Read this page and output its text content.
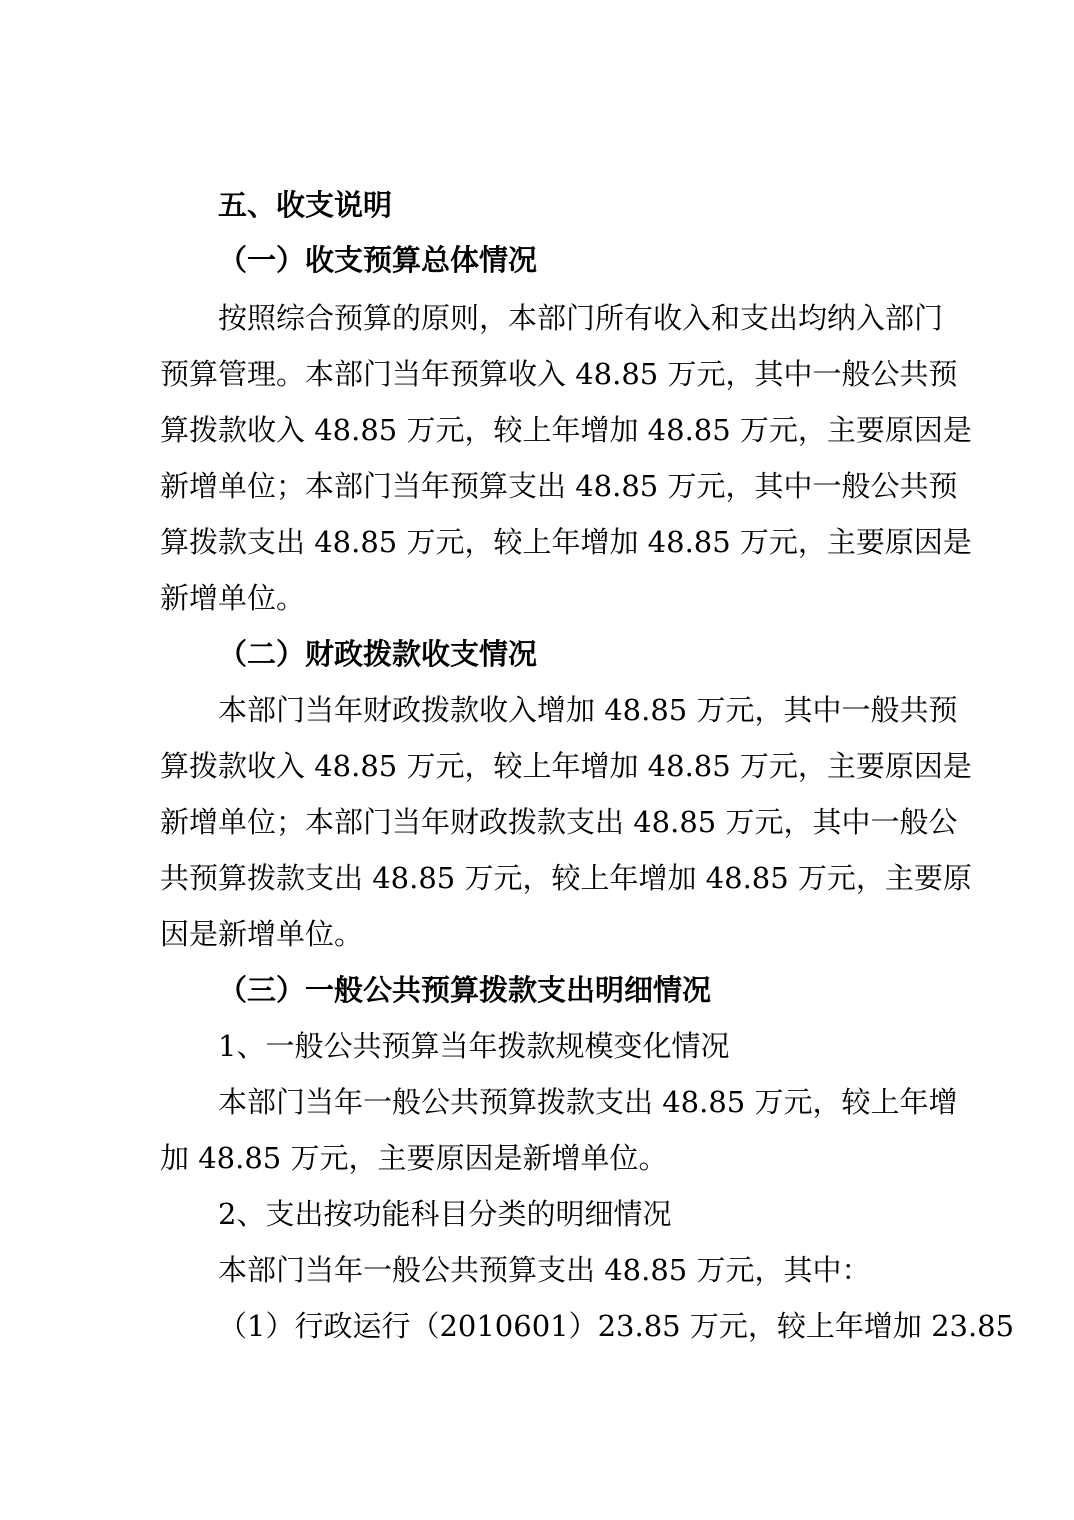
五、收支说明
（一）收支预算总体情况
按照综合预算的原则，本部门所有收入和支出均纳入部门
预算管理。本部门当年预算收入 48.85 万元，其中一般公共预
算拨款收入 48.85 万元，较上年增加 48.85 万元，主要原因是
新增单位；本部门当年预算支出 48.85 万元，其中一般公共预
算拨款支出 48.85 万元，较上年增加 48.85 万元，主要原因是
新增单位。
（二）财政拨款收支情况
本部门当年财政拨款收入增加 48.85 万元，其中一般共预
算拨款收入 48.85 万元，较上年增加 48.85 万元，主要原因是
新增单位；本部门当年财政拨款支出 48.85 万元，其中一般公
共预算拨款支出 48.85 万元，较上年增加 48.85 万元，主要原
因是新增单位。
（三）一般公共预算拨款支出明细情况
1、一般公共预算当年拨款规模变化情况
本部门当年一般公共预算拨款支出 48.85 万元，较上年增
加 48.85 万元，主要原因是新增单位。
2、支出按功能科目分类的明细情况
本部门当年一般公共预算支出 48.85 万元，其中：
（1）行政运行（2010601）23.85 万元，较上年增加 23.85
